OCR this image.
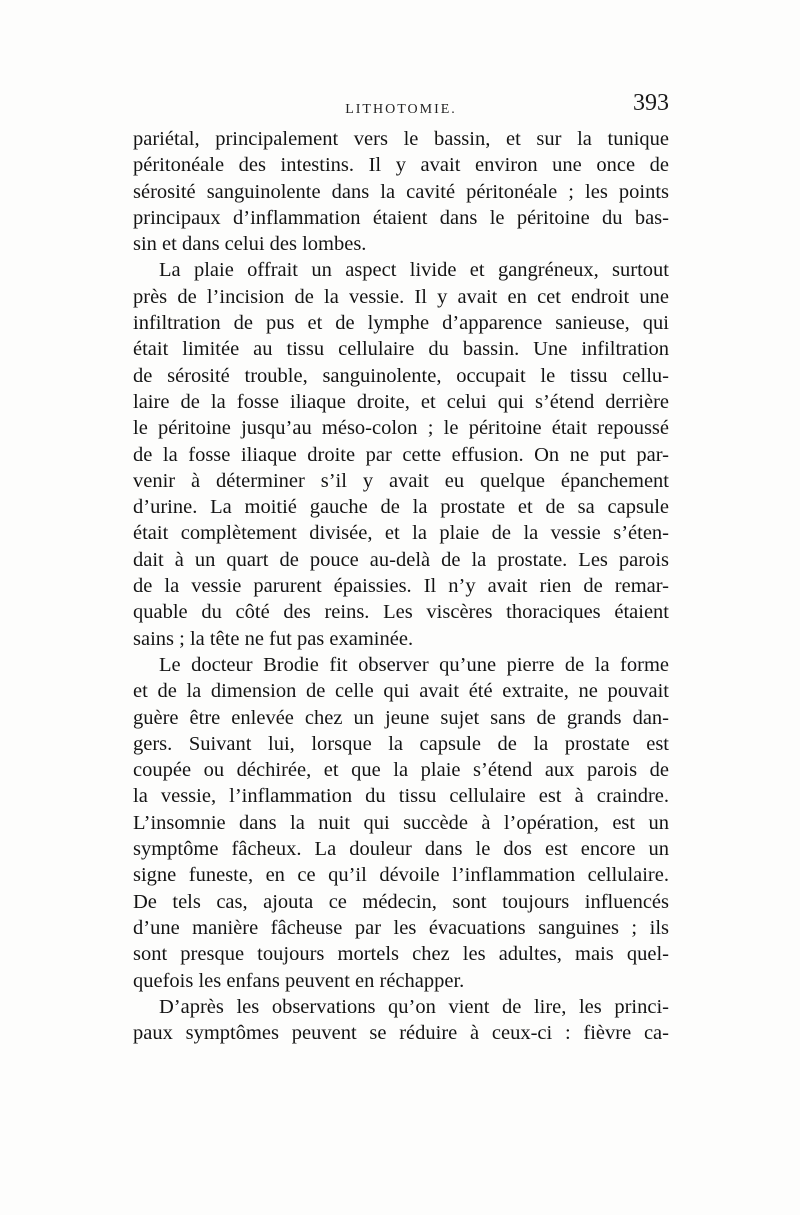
LITHOTOMIE.	393
pariétal, principalement vers le bassin, et sur la tunique
péritonéale des intestins. Il y avait environ une once de
sérosité sanguinolente dans la cavité péritonéale ; les points
principaux d’inflammation étaient dans le péritoine du bas-
sin et dans celui des lombes.
La plaie offrait un aspect livide et gangréneux, surtout
près de l’incision de la vessie. Il y avait en cet endroit une
infiltration de pus et de lymphe d’apparence sanieuse, qui
était limitée au tissu cellulaire du bassin. Une infiltration
de sérosité trouble, sanguinolente, occupait le tissu cellu-
laire de la fosse iliaque droite, et celui qui s’étend derrière
le péritoine jusqu’au méso-colon ; le péritoine était repoussé
de la fosse iliaque droite par cette effusion. On ne put par-
venir à déterminer s’il y avait eu quelque épanchement
d’urine. La moitié gauche de la prostate et de sa capsule
était complètement divisée, et la plaie de la vessie s’éten-
dait à un quart de pouce au-delà de la prostate. Les parois
de la vessie parurent épaissies. Il n’y avait rien de remar-
quable du côté des reins. Les viscères thoraciques étaient
sains ; la tête ne fut pas examinée.
Le docteur Brodie fit observer qu’une pierre de la forme
et de la dimension de celle qui avait été extraite, ne pouvait
guère être enlevée chez un jeune sujet sans de grands dan-
gers. Suivant lui, lorsque la capsule de la prostate est
coupée ou déchirée, et que la plaie s’étend aux parois de
la vessie, l’inflammation du tissu cellulaire est à craindre.
L’insomnie dans la nuit qui succède à l’opération, est un
symptôme fâcheux. La douleur dans le dos est encore un
signe funeste, en ce qu’il dévoile l’inflammation cellulaire.
De tels cas, ajouta ce médecin, sont toujours influencés
d’une manière fâcheuse par les évacuations sanguines ; ils
sont presque toujours mortels chez les adultes, mais quel-
quefois les enfans peuvent en réchapper.
D’après les observations qu’on vient de lire, les princi-
paux symptômes peuvent se réduire à ceux-ci : fièvre ca-
